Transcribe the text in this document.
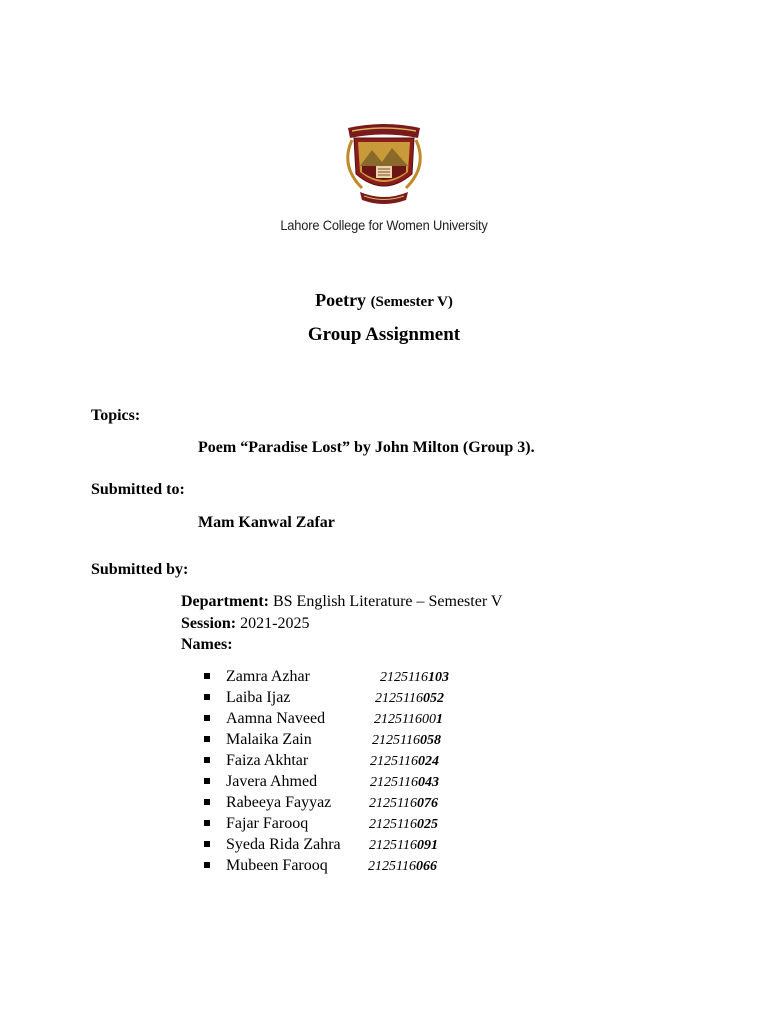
Lahore College for Women University
Poetry (Semester V)
Group Assignment
Topics:
Poem “Paradise Lost” by John Milton (Group 3).
Submitted to:
Mam Kanwal Zafar
Submitted by:
Department: BS English Literature – Semester V
Session: 2021-2025
Names:
Zamra Azhar	2125116103
Laiba Ijaz	2125116052
Aamna Naveed	2125116001
Malaika Zain	2125116058
Faiza Akhtar	2125116024
Javera Ahmed	2125116043
Rabeeya Fayyaz	2125116076
Fajar Farooq	2125116025
Syeda Rida Zahra 2125116091
Mubeen Farooq	2125116066
